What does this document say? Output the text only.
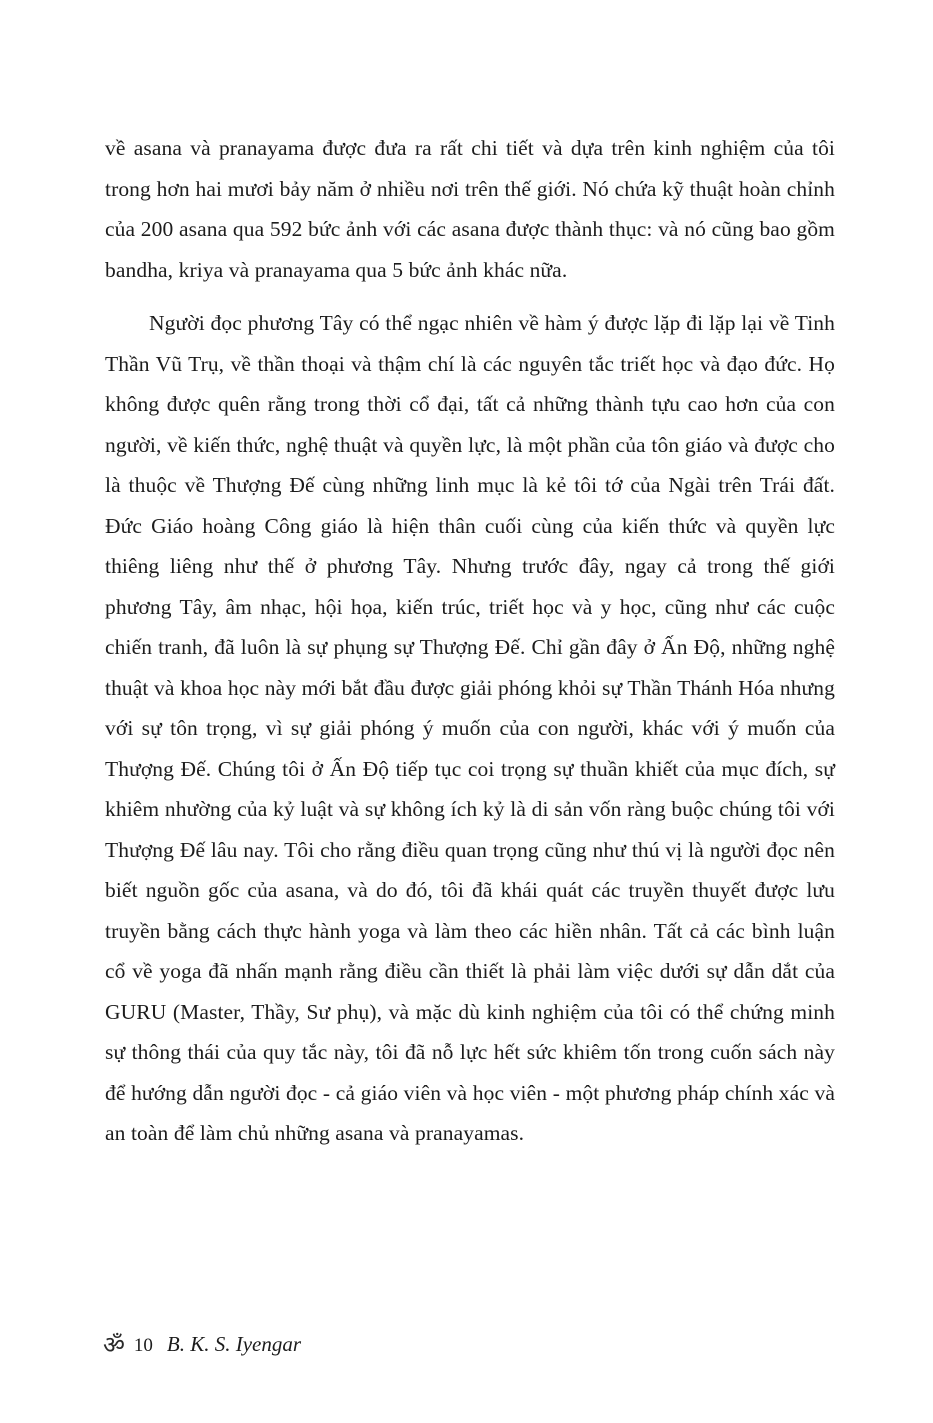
về asana và pranayama được đưa ra rất chi tiết và dựa trên kinh nghiệm của tôi trong hơn hai mươi bảy năm ở nhiều nơi trên thế giới. Nó chứa kỹ thuật hoàn chỉnh của 200 asana qua 592 bức ảnh với các asana được thành thục: và nó cũng bao gồm bandha, kriya và pranayama qua 5 bức ảnh khác nữa.

Người đọc phương Tây có thể ngạc nhiên về hàm ý được lặp đi lặp lại về Tinh Thần Vũ Trụ, về thần thoại và thậm chí là các nguyên tắc triết học và đạo đức. Họ không được quên rằng trong thời cổ đại, tất cả những thành tựu cao hơn của con người, về kiến thức, nghệ thuật và quyền lực, là một phần của tôn giáo và được cho là thuộc về Thượng Đế cùng những linh mục là kẻ tôi tớ của Ngài trên Trái đất. Đức Giáo hoàng Công giáo là hiện thân cuối cùng của kiến thức và quyền lực thiêng liêng như thế ở phương Tây. Nhưng trước đây, ngay cả trong thế giới phương Tây, âm nhạc, hội họa, kiến trúc, triết học và y học, cũng như các cuộc chiến tranh, đã luôn là sự phụng sự Thượng Đế. Chỉ gần đây ở Ấn Độ, những nghệ thuật và khoa học này mới bắt đầu được giải phóng khỏi sự Thần Thánh Hóa nhưng với sự tôn trọng, vì sự giải phóng ý muốn của con người, khác với ý muốn của Thượng Đế. Chúng tôi ở Ấn Độ tiếp tục coi trọng sự thuần khiết của mục đích, sự khiêm nhường của kỷ luật và sự không ích kỷ là di sản vốn ràng buộc chúng tôi với Thượng Đế lâu nay. Tôi cho rằng điều quan trọng cũng như thú vị là người đọc nên biết nguồn gốc của asana, và do đó, tôi đã khái quát các truyền thuyết được lưu truyền bằng cách thực hành yoga và làm theo các hiền nhân. Tất cả các bình luận cổ về yoga đã nhấn mạnh rằng điều cần thiết là phải làm việc dưới sự dẫn dắt của GURU (Master, Thầy, Sư phụ), và mặc dù kinh nghiệm của tôi có thể chứng minh sự thông thái của quy tắc này, tôi đã nỗ lực hết sức khiêm tốn trong cuốn sách này để hướng dẫn người đọc - cả giáo viên và học viên - một phương pháp chính xác và an toàn để làm chủ những asana và pranayamas.

ॐ 10 B. K. S. Iyengar
